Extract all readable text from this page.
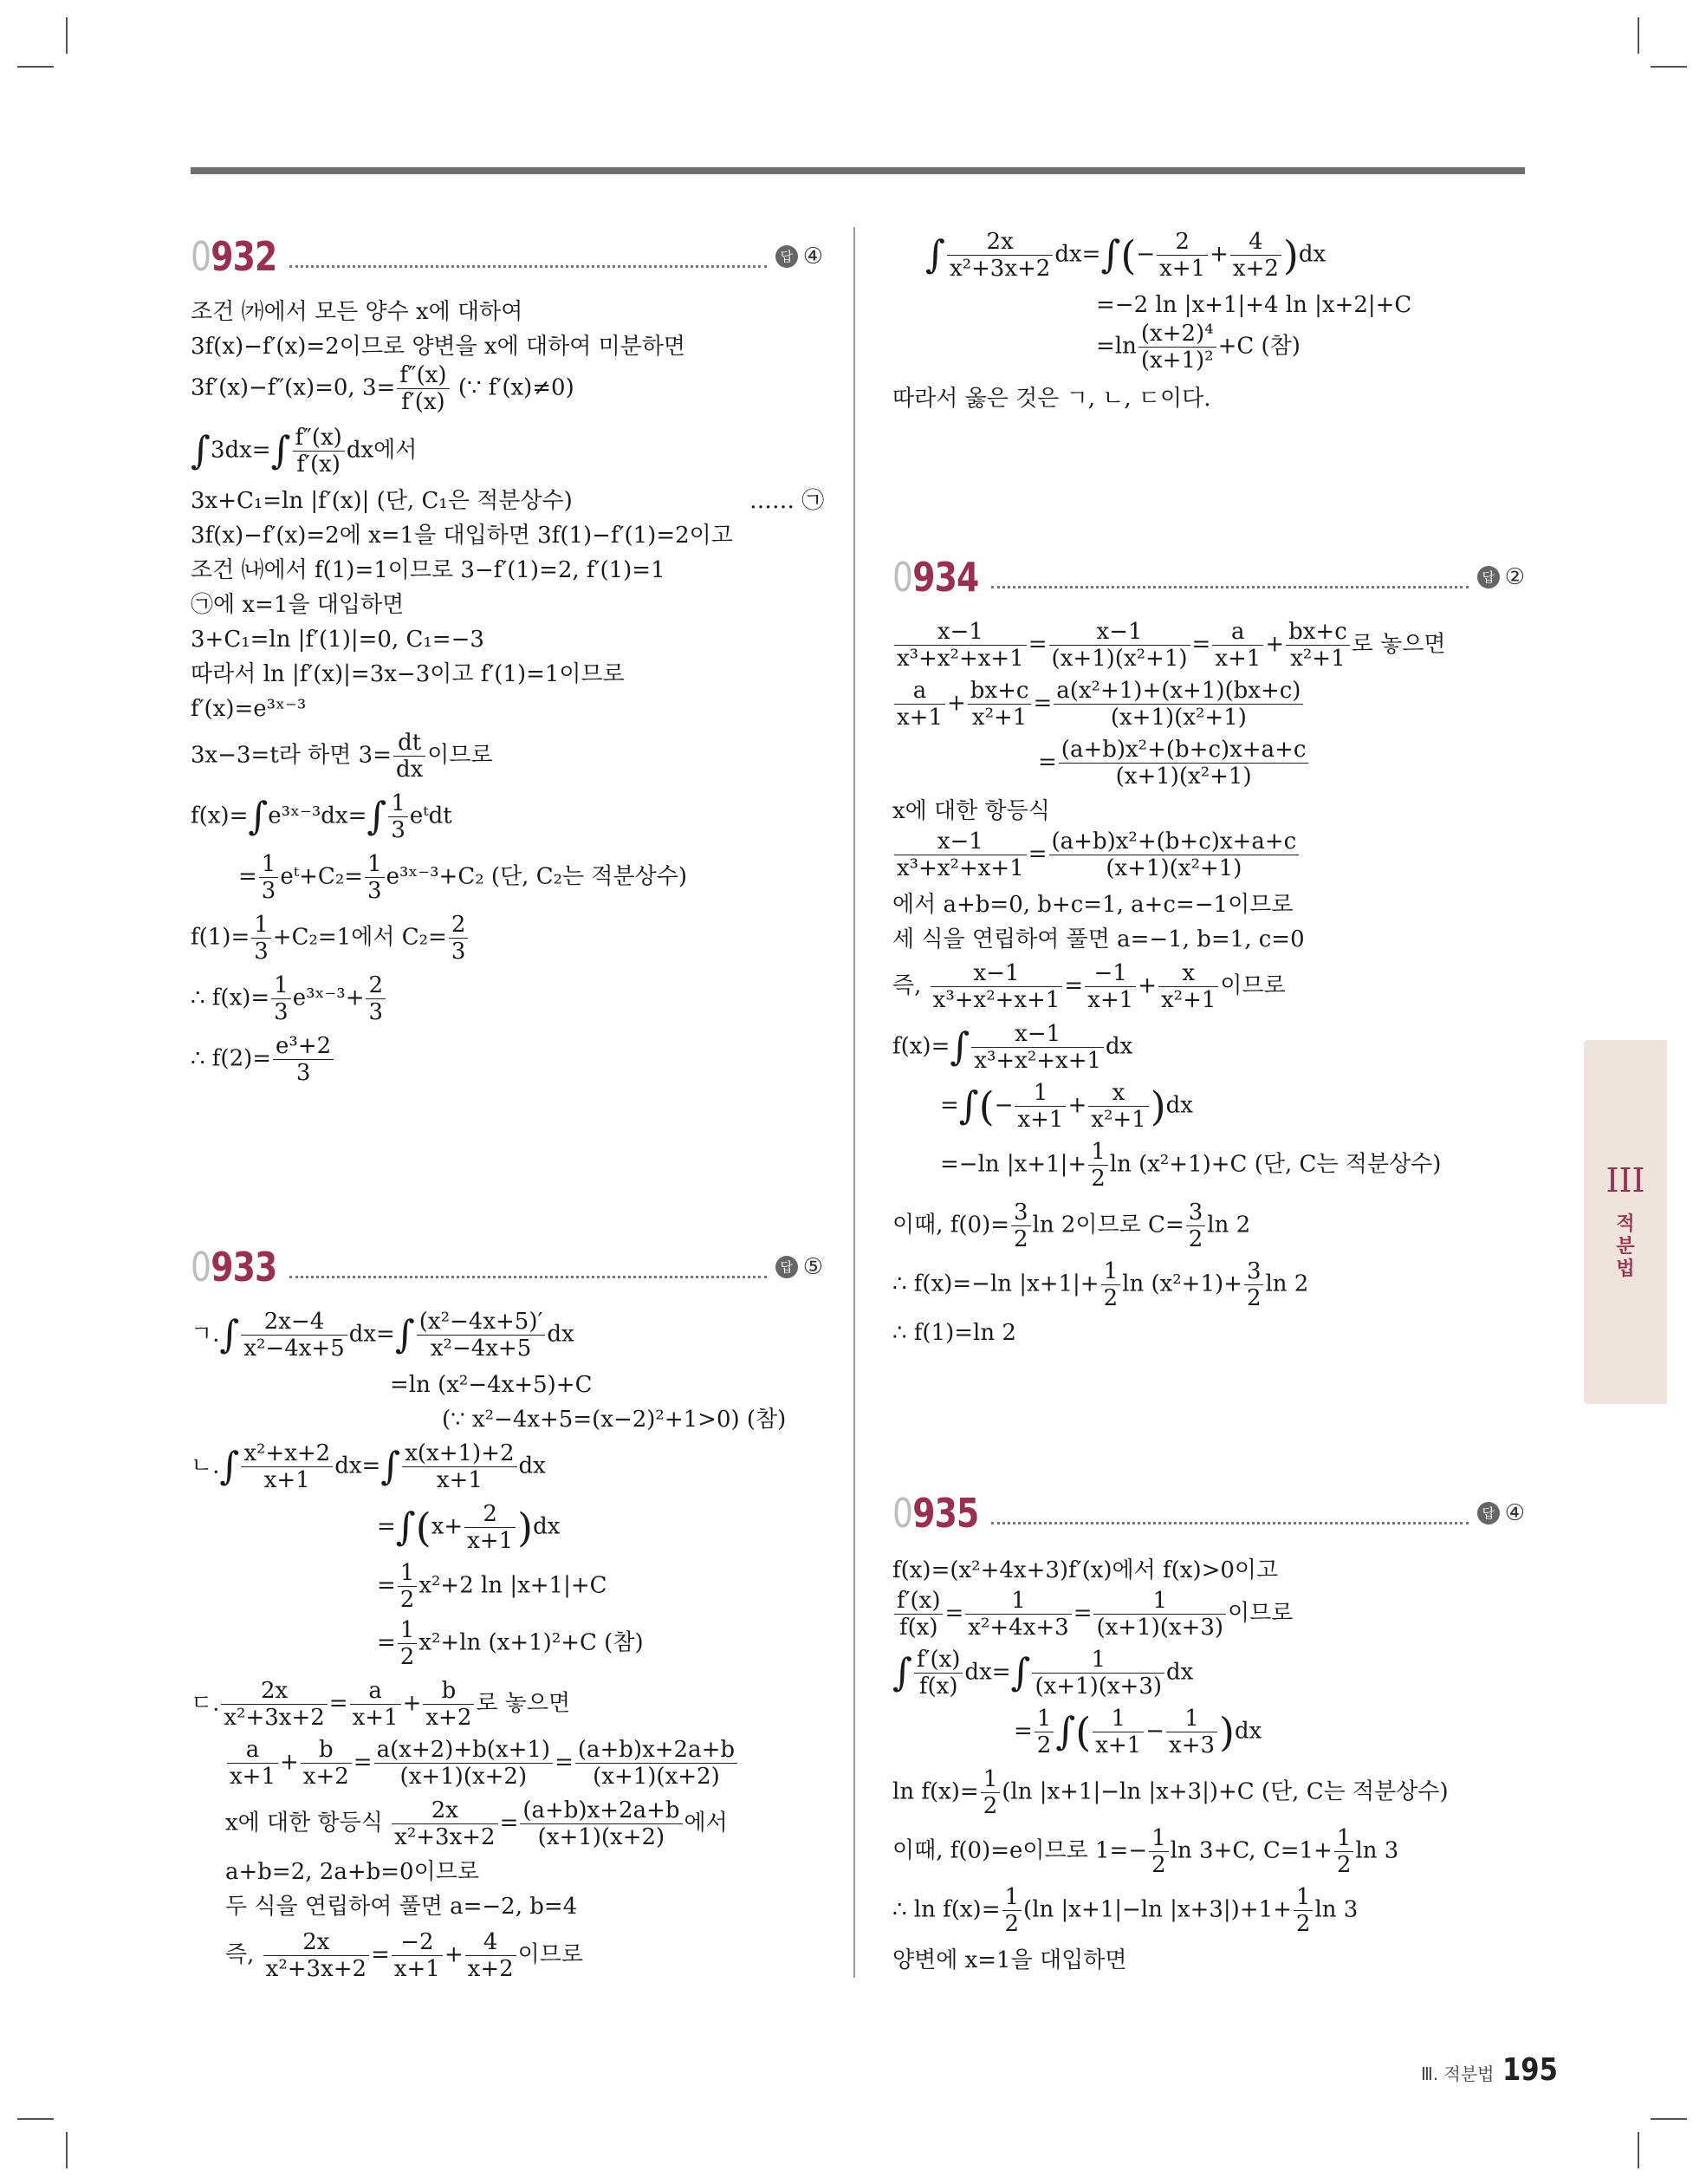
0932	답 ④
조건 ㈎에서 모든 양수 x에 대하여
3f(x)−f′(x)=2이므로 양변을 x에 대하여 미분하면
3f′(x)−f″(x)=0, $3= \frac{f''(x)}{f'(x)}$ (∵ f′(x)≠0)
$\int 3dx=\int \frac{f''(x)}{f'(x)}$ dx에서
3x+C₁=ln |f′(x)| (단, C₁은 적분상수)	…… ㉠
3f(x)−f′(x)=2에 x=1을 대입하면 3f(1)−f′(1)=2이고
조건 ㈏에서 f(1)=1이므로 3−f′(1)=2, f′(1)=1
㉠에 x=1을 대입하면
3+C₁=ln |f′(1)|=0, C₁=−3
따라서 ln |f′(x)|=3x−3이고 f′(1)=1이므로
f′(x)=e³ˣ⁻³
3x−3=t라 하면 $3= \frac{dt}{dx}$ 이므로
f(x)=∫e³ˣ⁻³dx=∫ $\frac{1}{3}$ eᵗdt
= $\frac{1}{3}$ eᵗ+C₂= $\frac{1}{3}$ e³ˣ⁻³+C₂ (단, C₂는 적분상수)
$f(1)= \frac{1}{3} +C_2=1$에서 $C_2= \frac{2}{3}$
∴ $f(x)= \frac{1}{3}$ e³ˣ⁻³+ $\frac{2}{3}$
∴ $f(2)= \frac{\text{e³+2}}{3}$
0933	답 ⑤
ㄱ.∫ $\frac{2x-4}{\text{x²−4x+5}} dx=\int \frac{\text{(x²−4x+5)′}}{\text{x²−4x+5}}$ dx
=ln (x²−4x+5)+C
(∵ x²−4x+5=(x−2)²+1>0) (참)
ㄴ.∫ $\frac{\text{x²+x+2}}{x+1} dx=\int \frac{x(x+1)+2}{x+1}$ dx
$=\int(x+ \frac{2}{x+1} )dx$
= $\frac{1}{2} x^2+2$ ln |x+1|+C
= $\frac{1}{2} x^2+\ln$ (x+1)²+C (참)
ㄷ. $\frac{2x}{\text{x²+3x+2}} = \frac{a}{x+1} + \frac{b}{x+2}$ 로 놓으면
$\frac{a}{x+1} + \frac{b}{x+2} = \frac{a(x+2)+b(x+1)}{(x+1)(x+2)} = \frac{(a+b)x+2a+b}{(x+1)(x+2)}$
x에 대한 항등식 $\frac{2x}{\text{x²+3x+2}} = \frac{(a+b)x+2a+b}{(x+1)(x+2)}$ 에서
a+b=2, 2a+b=0이므로
두 식을 연립하여 풀면 a=−2, b=4
즉, $\frac{2x}{\text{x²+3x+2}} = \frac{-2}{x+1} + \frac{4}{x+2}$ 이므로
∫ $\frac{2x}{\text{x²+3x+2}} dx=\int(- \frac{2}{x+1} + \frac{4}{x+2} )dx$
=−2 ln |x+1|+4 ln |x+2|+C
$=\ln \frac{\text{(x+2)⁴}}{\text{(x+1)²}} +C$ (참)
따라서 옳은 것은 ㄱ, ㄴ, ㄷ이다.
0934	답 ②
$\frac{x-1}{\text{x³+x²+x+1}} = \frac{x-1}{\text{(x+1)(x²+1)}} = \frac{a}{x+1} + \frac{bx+c}{\text{x²+1}}$ 로 놓으면
$\frac{a}{x+1} + \frac{bx+c}{\text{x²+1}} = \frac{\text{a(x²+1)+(x+1)(bx+c)}}{\text{(x+1)(x²+1)}}$
= $\frac{\text{(a+b)x²+(b+c)x+a+c}}{\text{(x+1)(x²+1)}}$
x에 대한 항등식
$\frac{x-1}{\text{x³+x²+x+1}} = \frac{\text{(a+b)x²+(b+c)x+a+c}}{\text{(x+1)(x²+1)}}$
에서 a+b=0, b+c=1, a+c=−1이므로
세 식을 연립하여 풀면 a=−1, b=1, c=0
즉, $\frac{x-1}{\text{x³+x²+x+1}} = \frac{-1}{x+1} + \frac{x}{\text{x²+1}}$ 이므로
$f(x)=\int \frac{x-1}{\text{x³+x²+x+1}}$ dx
=∫(− $\frac{1}{x+1} + \frac{x}{\text{x²+1}} )dx$
=−ln $|x+1|+ \frac{1}{2}$ ln (x²+1)+C (단, C는 적분상수)
이때, $f(0)= \frac{3}{2}$ ln 2이므로 $C= \frac{3}{2}$ ln 2
∴ f(x)=−ln $|x+1|+ \frac{1}{2}$ $\ln (x^2+1)+ \frac{3}{2}$ ln 2
∴ f(1)=ln 2
0935	답 ④
f(x)=(x²+4x+3)f′(x)에서 f(x)>0이고
$\frac{f'(x)}{f(x)} = \frac{1}{\text{x²+4x+3}} = \frac{1}{(x+1)(x+3)}$ 이므로
∫ $\frac{f'(x)}{f(x)} dx=\int \frac{1}{(x+1)(x+3)}$ dx
= $\frac{1}{2}$ ∫( $\frac{1}{x+1} - \frac{1}{x+3} )dx$
$\ln f(x)= \frac{1}{2} (\ln$ |x+1|−ln |x+3|)+C (단, C는 적분상수)
이때, f(0)=e이므로 $1=- \frac{1}{2}$ ln 3+C, $C=1+ \frac{1}{2}$ ln 3
∴ $\ln f(x)= \frac{1}{2} (\ln$ |x+1|−ln $|x+3|)+1+ \frac{1}{2}$ ln 3
양변에 x=1을 대입하면
III
적
분
법
Ⅲ. 적분법 195
